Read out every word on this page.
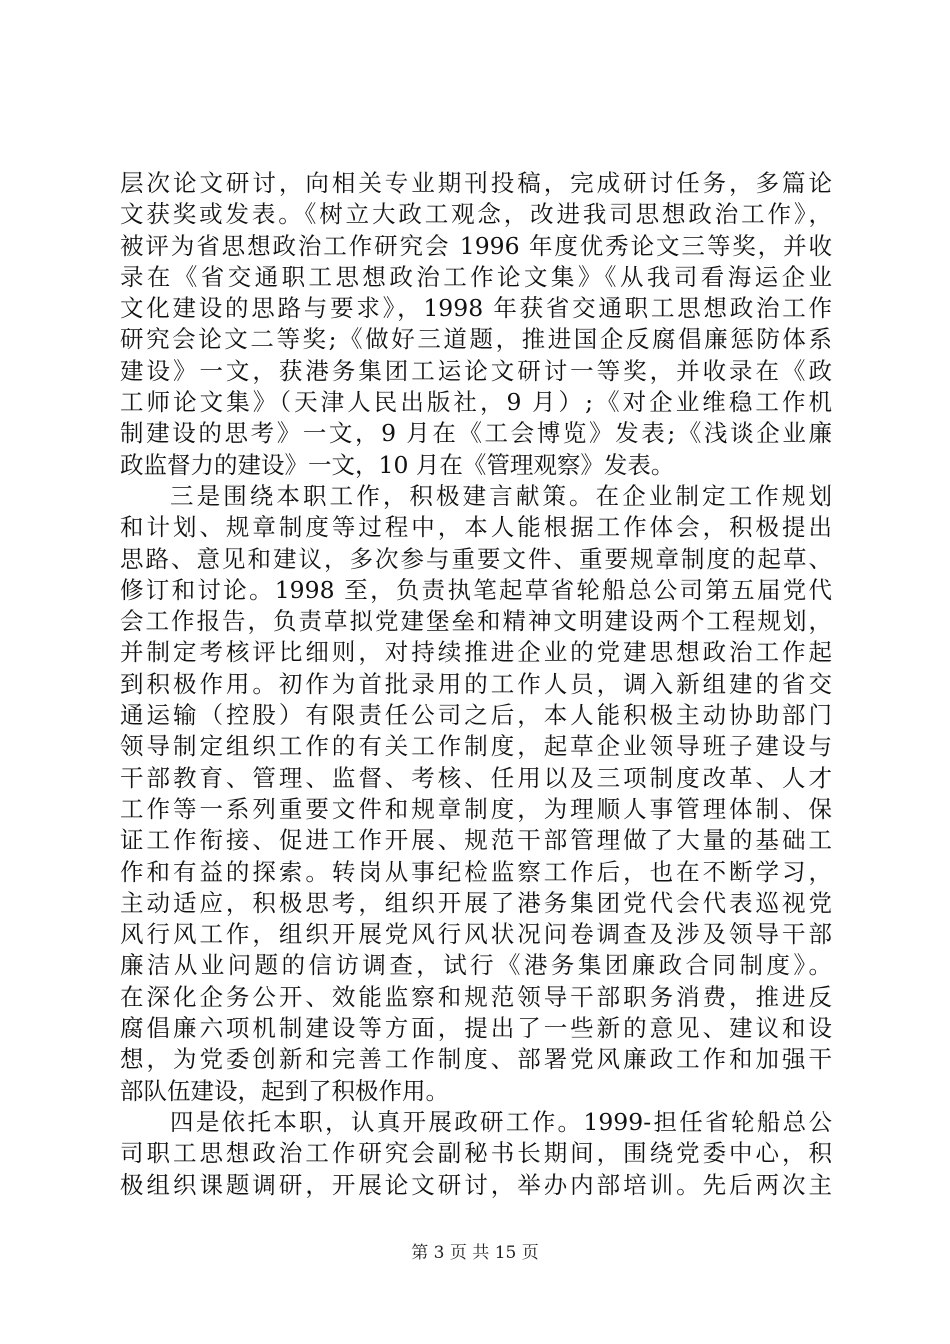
层次论文研讨，向相关专业期刊投稿，完成研讨任务，多篇论
文获奖或发表。《树立大政工观念，改进我司思想政治工作》，
被评为省思想政治工作研究会 1996 年度优秀论文三等奖，并收
录在《省交通职工思想政治工作论文集》《从我司看海运企业
文化建设的思路与要求》，1998 年获省交通职工思想政治工作
研究会论文二等奖;《做好三道题，推进国企反腐倡廉惩防体系
建设》一文，获港务集团工运论文研讨一等奖，并收录在《政
工师论文集》（天津人民出版社，9 月）;《对企业维稳工作机
制建设的思考》一文，9 月在《工会博览》发表;《浅谈企业廉
政监督力的建设》一文，10 月在《管理观察》发表。
三是围绕本职工作，积极建言献策。在企业制定工作规划
和计划、规章制度等过程中，本人能根据工作体会，积极提出
思路、意见和建议，多次参与重要文件、重要规章制度的起草、
修订和讨论。1998 至，负责执笔起草省轮船总公司第五届党代
会工作报告，负责草拟党建堡垒和精神文明建设两个工程规划，
并制定考核评比细则，对持续推进企业的党建思想政治工作起
到积极作用。初作为首批录用的工作人员，调入新组建的省交
通运输（控股）有限责任公司之后，本人能积极主动协助部门
领导制定组织工作的有关工作制度，起草企业领导班子建设与
干部教育、管理、监督、考核、任用以及三项制度改革、人才
工作等一系列重要文件和规章制度，为理顺人事管理体制、保
证工作衔接、促进工作开展、规范干部管理做了大量的基础工
作和有益的探索。转岗从事纪检监察工作后，也在不断学习，
主动适应，积极思考，组织开展了港务集团党代会代表巡视党
风行风工作，组织开展党风行风状况问卷调查及涉及领导干部
廉洁从业问题的信访调查，试行《港务集团廉政合同制度》。
在深化企务公开、效能监察和规范领导干部职务消费，推进反
腐倡廉六项机制建设等方面，提出了一些新的意见、建议和设
想，为党委创新和完善工作制度、部署党风廉政工作和加强干
部队伍建设，起到了积极作用。
四是依托本职，认真开展政研工作。1999-担任省轮船总公
司职工思想政治工作研究会副秘书长期间，围绕党委中心，积
极组织课题调研，开展论文研讨，举办内部培训。先后两次主
第 3 页 共 15 页
